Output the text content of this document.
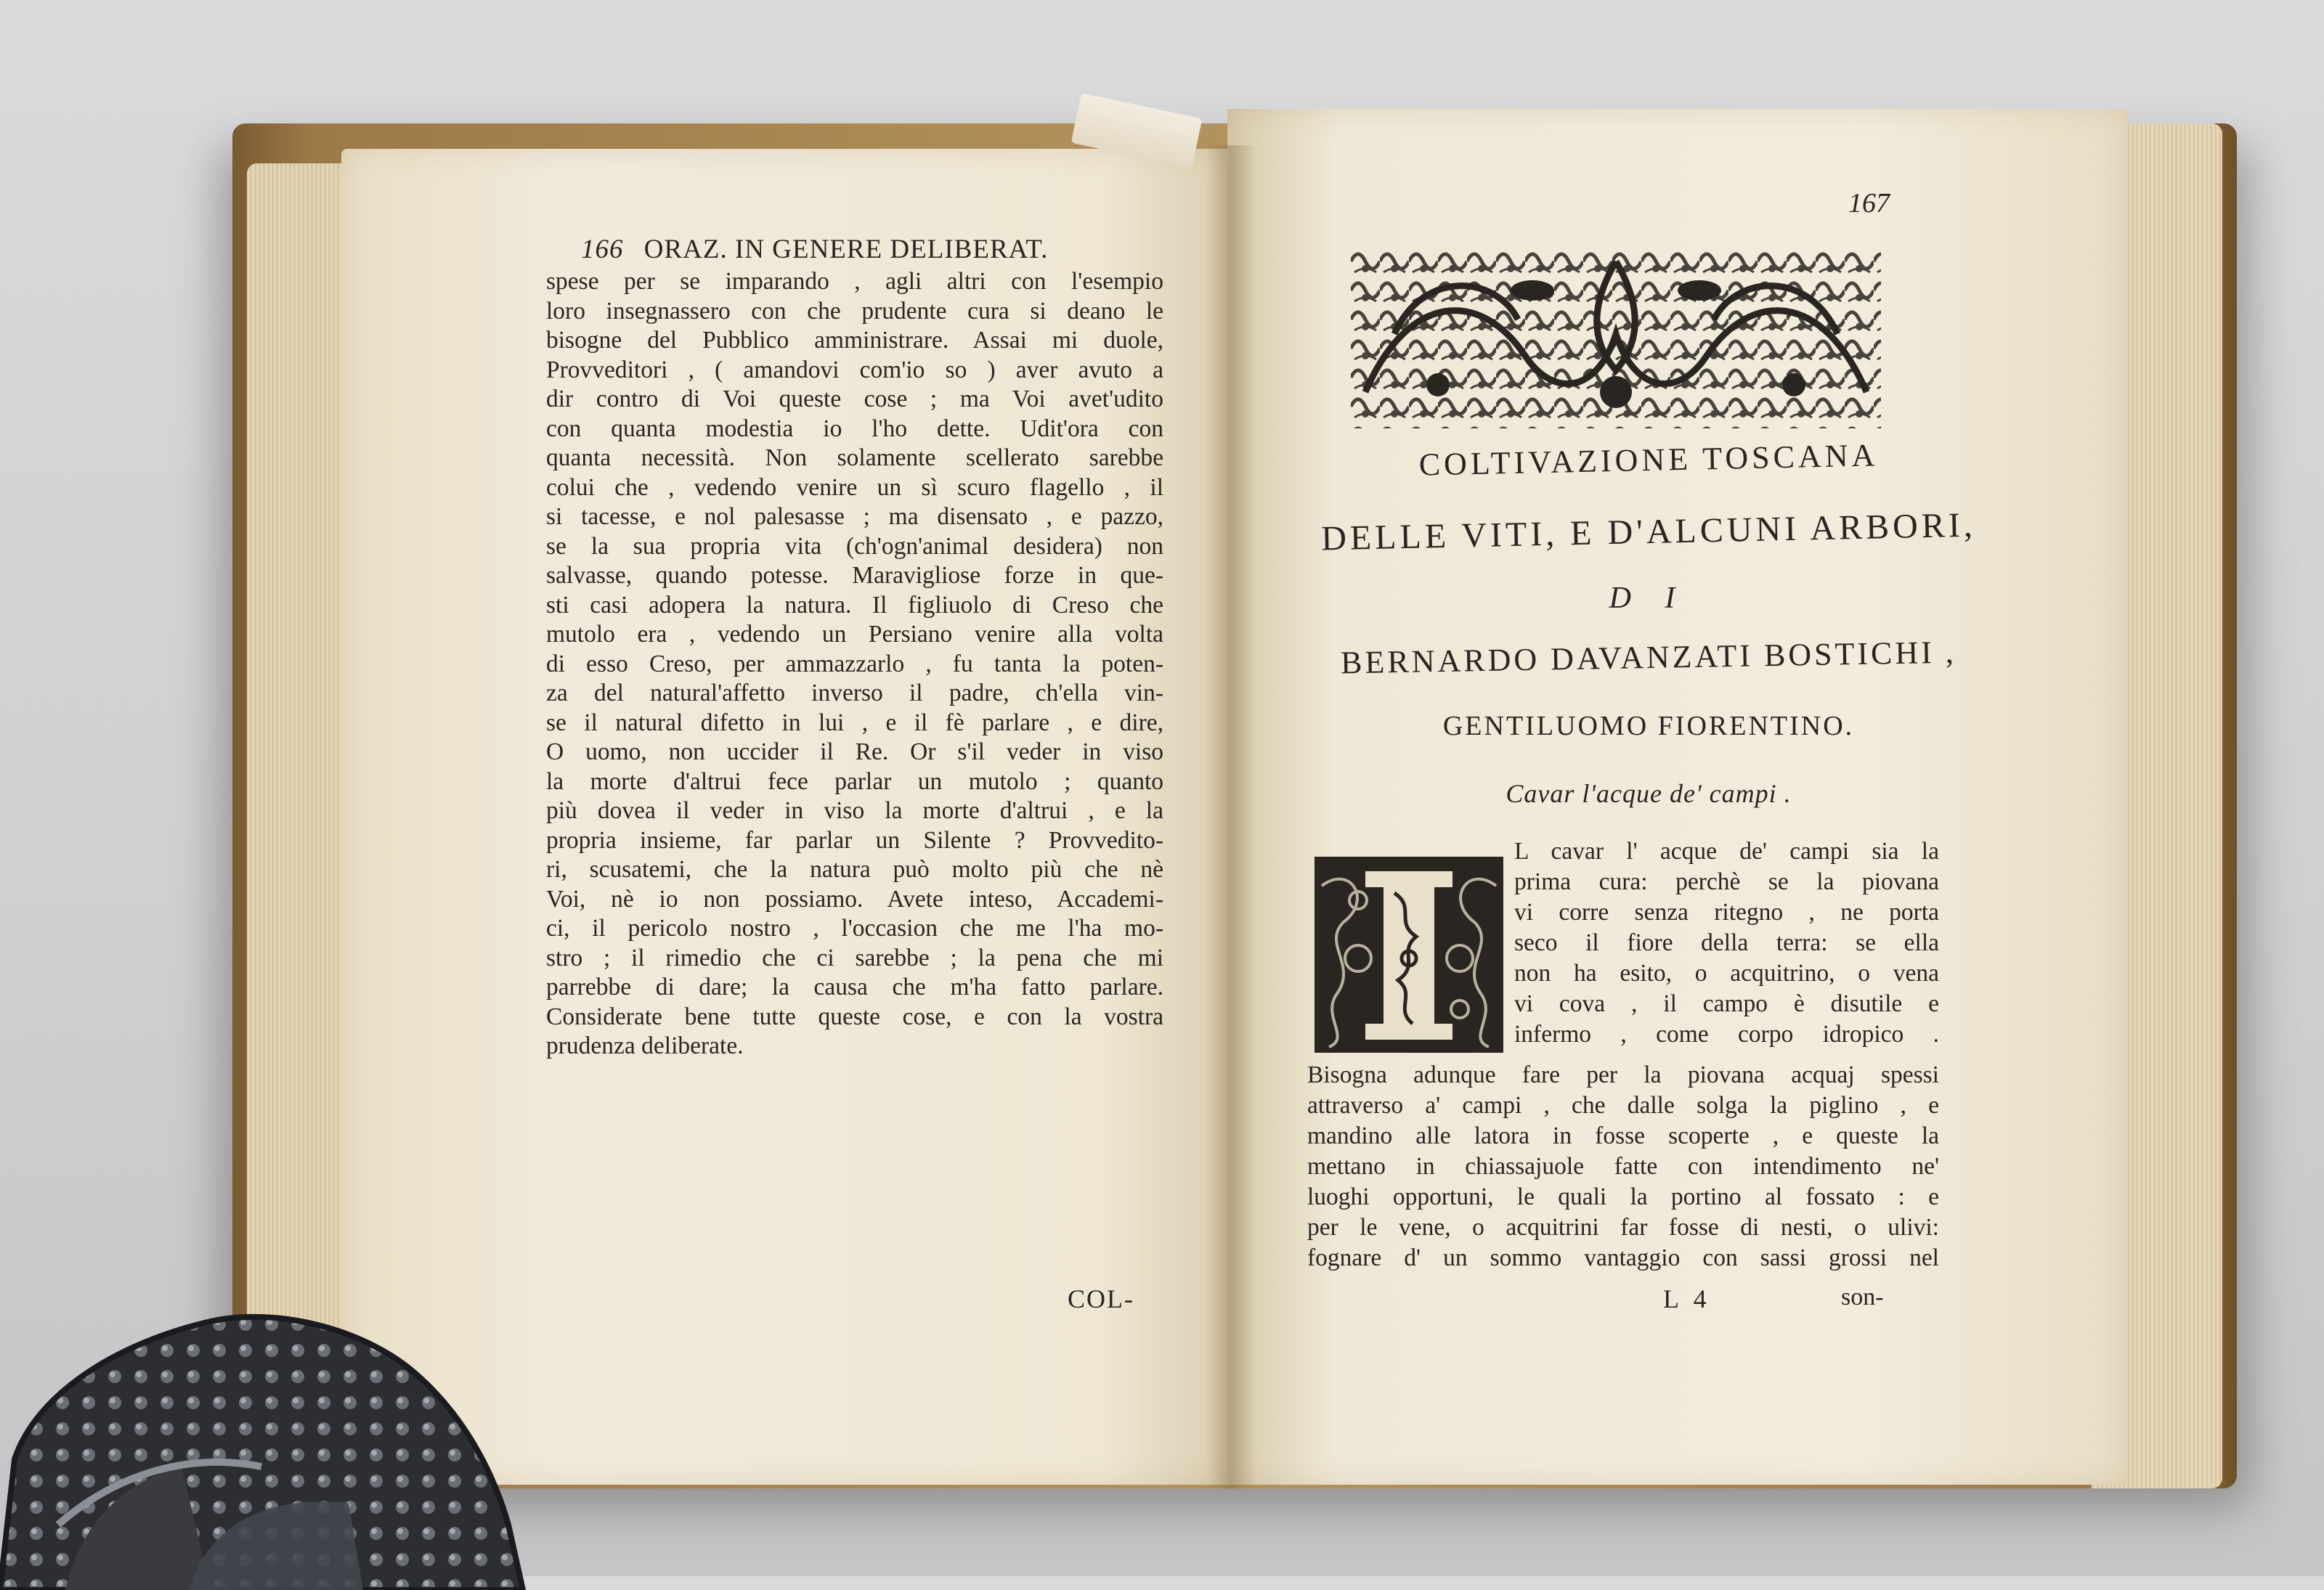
166 ORAZ. IN GENERE DELIBERAT.
spese per se imparando , agli altri con l'esempio
loro insegnassero con che prudente cura si deano le
bisogne del Pubblico amministrare. Assai mi duole,
Provveditori , ( amandovi com'io so ) aver avuto a
dir contro di Voi queste cose ; ma Voi avet'udito
con quanta modestia io l'ho dette. Udit'ora con
quanta necessità. Non solamente scellerato sarebbe
colui che , vedendo venire un sì scuro flagello , il
si tacesse, e nol palesasse ; ma disensato , e pazzo,
se la sua propria vita (ch'ogn'animal desidera) non
salvasse, quando potesse. Maravigliose forze in que-
sti casi adopera la natura. Il figliuolo di Creso che
mutolo era , vedendo un Persiano venire alla volta
di esso Creso, per ammazzarlo , fu tanta la poten-
za del natural'affetto inverso il padre, ch'ella vin-
se il natural difetto in lui , e il fè parlare , e dire,
O uomo, non uccider il Re. Or s'il veder in viso
la morte d'altrui fece parlar un mutolo ; quanto
più dovea il veder in viso la morte d'altrui , e la
propria insieme, far parlar un Silente ? Provvedito-
ri, scusatemi, che la natura può molto più che nè
Voi, nè io non possiamo. Avete inteso, Accademi-
ci, il pericolo nostro , l'occasion che me l'ha mo-
stro ; il rimedio che ci sarebbe ; la pena che mi
parrebbe di dare; la causa che m'ha fatto parlare.
Considerate bene tutte queste cose, e con la vostra
prudenza deliberate.
COL-
167
COLTIVAZIONE TOSCANA
DELLE VITI, E D'ALCUNI ARBORI,
D I
BERNARDO DAVANZATI BOSTICHI ,
GENTILUOMO FIORENTINO.
Cavar l'acque de' campi .
L cavar l' acque de' campi sia la
prima cura: perchè se la piovana
vi corre senza ritegno , ne porta
seco il fiore della terra: se ella
non ha esito, o acquitrino, o vena
vi cova , il campo è disutile e
infermo , come corpo idropico .
Bisogna adunque fare per la piovana acquaj spessi
attraverso a' campi , che dalle solga la piglino , e
mandino alle latora in fosse scoperte , e queste la
mettano in chiassajuole fatte con intendimento ne'
luoghi opportuni, le quali la portino al fossato : e
per le vene, o acquitrini far fosse di nesti, o ulivi:
fognare d' un sommo vantaggio con sassi grossi nel
L 4	son-
